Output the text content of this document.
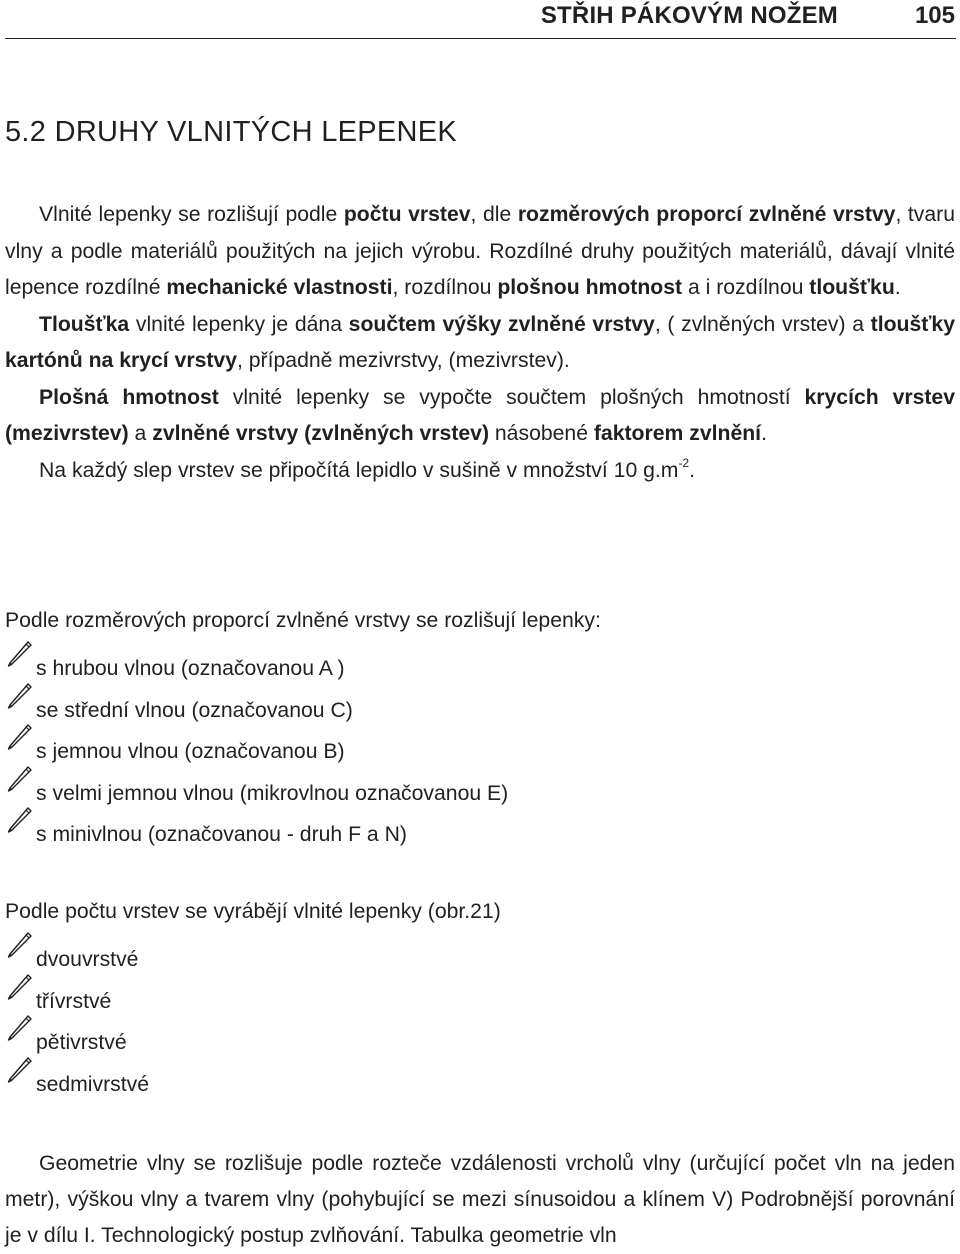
STŘIH PÁKOVÝM NOŽEM	105
5.2 DRUHY VLNITÝCH LEPENEK

Vlnité lepenky se rozlišují podle počtu vrstev, dle rozměrových proporcí zvlněné vrstvy, tvaru vlny a podle materiálů použitých na jejich výrobu. Rozdílné druhy použitých materiálů, dávají vlnité lepence rozdílné mechanické vlastnosti, rozdílnou plošnou hmotnost a i rozdílnou tloušťku.

Tloušťka vlnité lepenky je dána součtem výšky zvlněné vrstvy, ( zvlněných vrstev) a tloušťky kartónů na krycí vrstvy, případně mezivrstvy, (mezivrstev).

Plošná hmotnost vlnité lepenky se vypočte součtem plošných hmotností krycích vrstev (mezivrstev) a zvlněné vrstvy (zvlněných vrstev) násobené faktorem zvlnění.

Na každý slep vrstev se připočítá lepidlo v sušině v množství 10 $g.m^{-2}$.

Podle rozměrových proporcí zvlněné vrstvy se rozlišují lepenky:
s hrubou vlnou (označovanou A )
se střední vlnou (označovanou C)
s jemnou vlnou (označovanou B)
s velmi jemnou vlnou (mikrovlnou označovanou E)
s minivlnou (označovanou - druh F a N)
Podle počtu vrstev se vyrábějí vlnité lepenky (obr.21)
dvouvrstvé
třívrstvé
pětivrstvé
sedmivrstvé

Geometrie vlny se rozlišuje podle rozteče vzdálenosti vrcholů vlny (určující počet vln na jeden metr), výškou vlny a tvarem vlny (pohybující se mezi sínusoidou a klínem V) Podrobnější porovnání je v dílu I. Technologický postup zvlňování. Tabulka geometrie vln
